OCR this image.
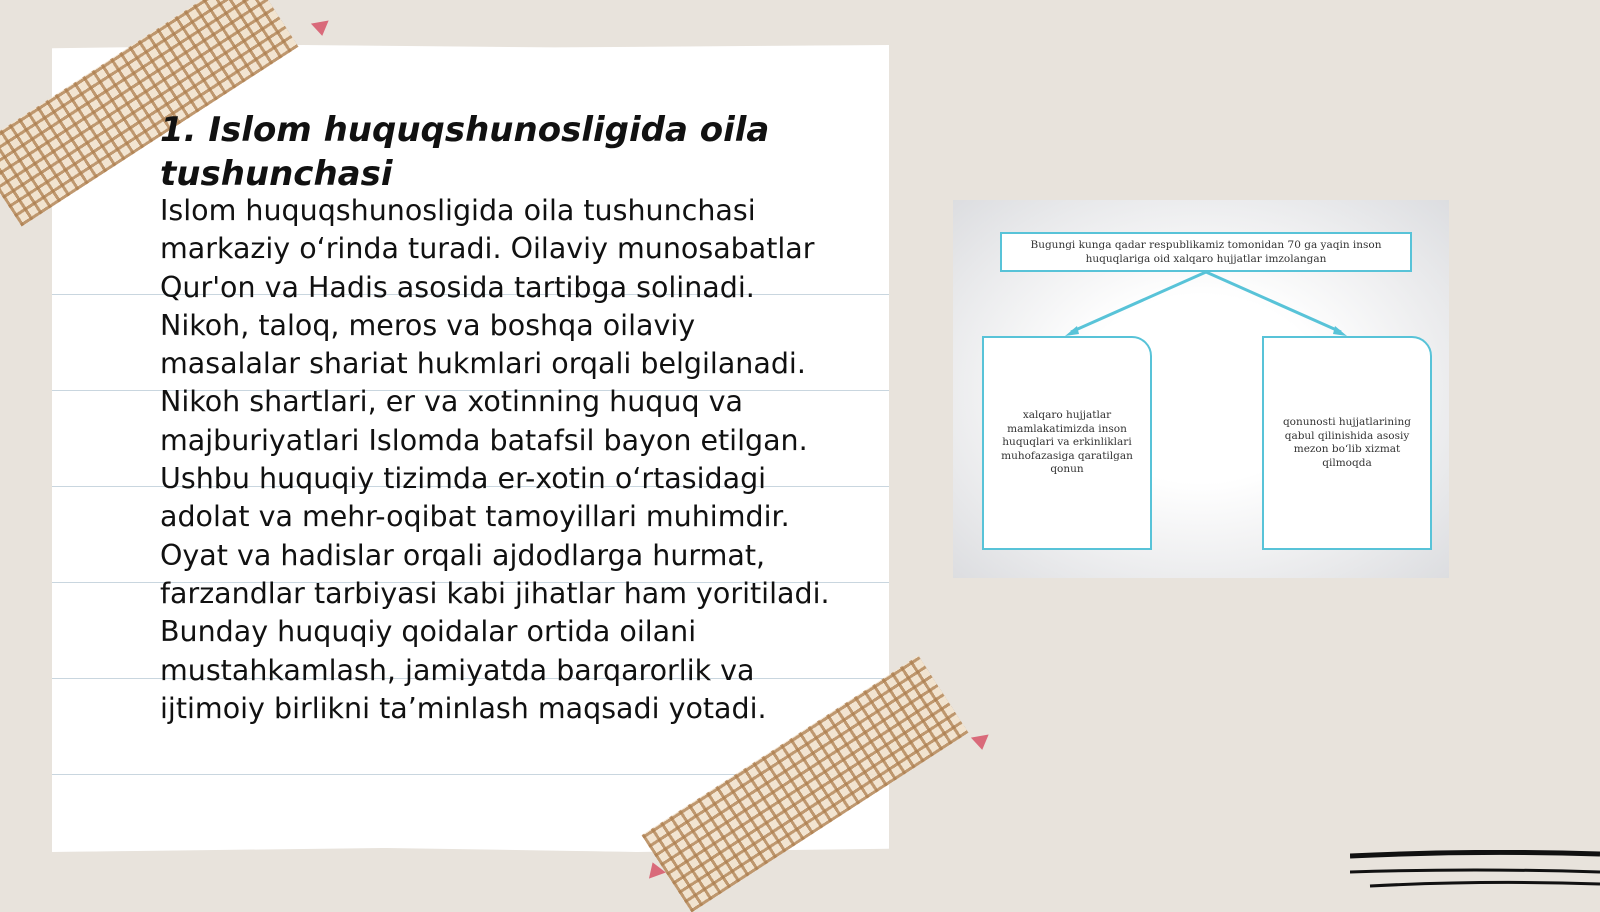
1. Islom huquqshunosligida oila tushunchasi

Islom huquqshunosligida oila tushunchasi markaziy o‘rinda turadi. Oilaviy munosabatlar Qur'on va Hadis asosida tartibga solinadi. Nikoh, taloq, meros va boshqa oilaviy masalalar shariat hukmlari orqali belgilanadi. Nikoh shartlari, er va xotinning huquq va majburiyatlari Islomda batafsil bayon etilgan. Ushbu huquqiy tizimda er-xotin o‘rtasidagi adolat va mehr-oqibat tamoyillari muhimdir. Oyat va hadislar orqali ajdodlarga hurmat, farzandlar tarbiyasi kabi jihatlar ham yoritiladi. Bunday huquqiy qoidalar ortida oilani mustahkamlash, jamiyatda barqarorlik va ijtimoiy birlikni ta’minlash maqsadi yotadi.

Bugungi kunga qadar respublikamiz tomonidan 70 ga yaqin inson huquqlariga oid xalqaro hujjatlar imzolangan
xalqaro hujjatlar mamlakatimizda inson huquqlari va erkinliklari muhofazasiga qaratilgan qonun
qonunosti hujjatlarining qabul qilinishida asosiy mezon bo‘lib xizmat qilmoqda
